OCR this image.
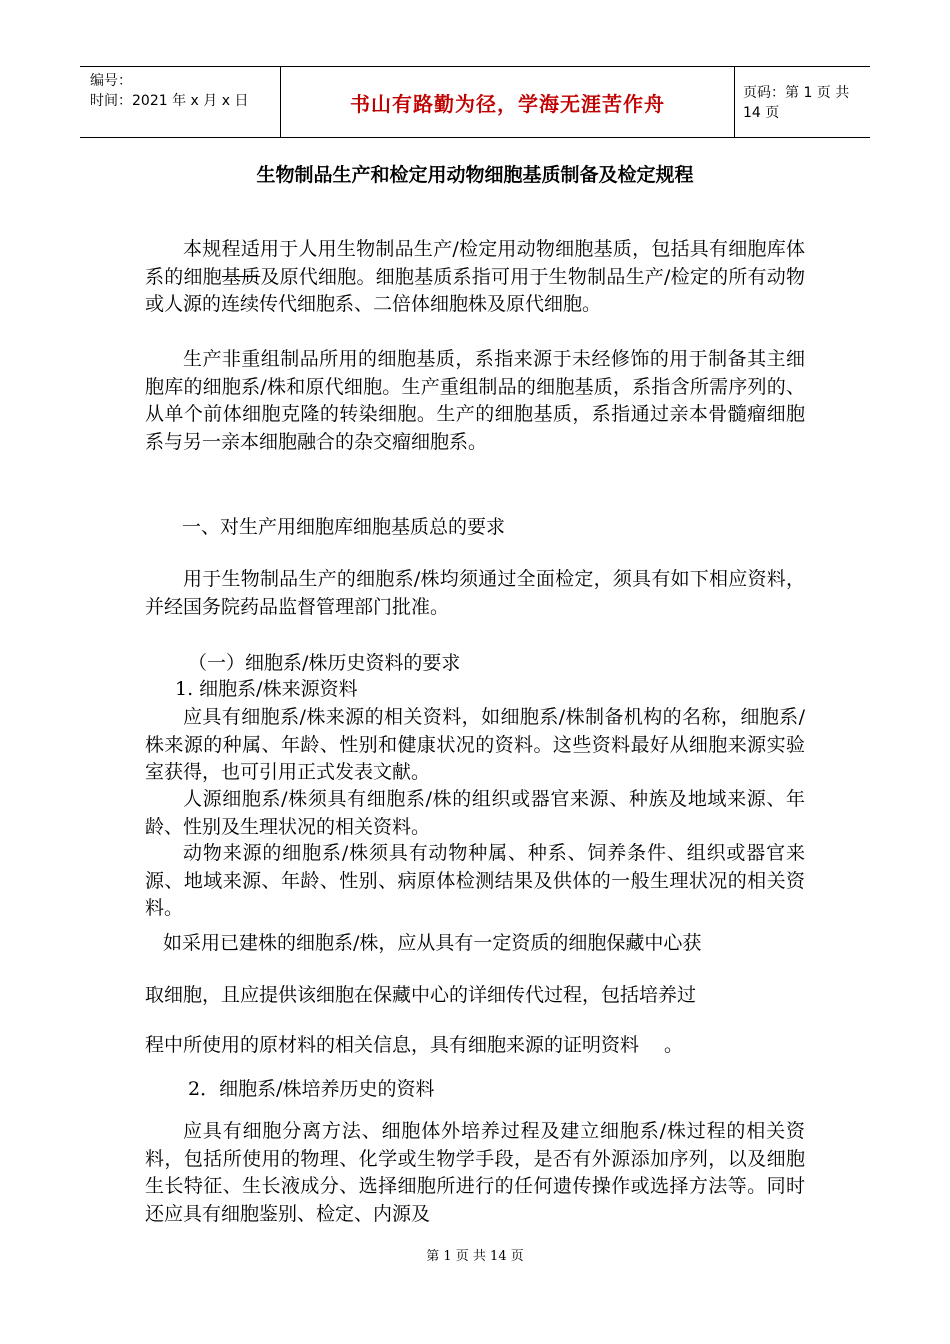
编号：
时间：2021 年 x 月 x 日	书山有路勤为径，学海无涯苦作舟	页码：第 1 页 共 14 页
生物制品生产和检定用动物细胞基质制备及检定规程
本规程适用于人用生物制品生产/检定用动物细胞基质，包括具有细胞库体系的细胞基质及原代细胞。细胞基质系指可用于生物制品生产/检定的所有动物或人源的连续传代细胞系、二倍体细胞株及原代细胞。
生产非重组制品所用的细胞基质，系指来源于未经修饰的用于制备其主细胞库的细胞系/株和原代细胞。生产重组制品的细胞基质，系指含所需序列的、从单个前体细胞克隆的转染细胞。生产的细胞基质，系指通过亲本骨髓瘤细胞系与另一亲本细胞融合的杂交瘤细胞系。
一、对生产用细胞库细胞基质总的要求
用于生物制品生产的细胞系/株均须通过全面检定，须具有如下相应资料，并经国务院药品监督管理部门批准。
（一）细胞系/株历史资料的要求
1. 细胞系/株来源资料
应具有细胞系/株来源的相关资料，如细胞系/株制备机构的名称，细胞系/株来源的种属、年龄、性别和健康状况的资料。这些资料最好从细胞来源实验室获得，也可引用正式发表文献。
人源细胞系/株须具有细胞系/株的组织或器官来源、种族及地域来源、年龄、性别及生理状况的相关资料。
动物来源的细胞系/株须具有动物种属、种系、饲养条件、组织或器官来源、地域来源、年龄、性别、病原体检测结果及供体的一般生理状况的相关资料。
如采用已建株的细胞系/株，应从具有一定资质的细胞保藏中心获
取细胞，且应提供该细胞在保藏中心的详细传代过程，包括培养过
程中所使用的原材料的相关信息，具有细胞来源的证明资料　 。
2．细胞系/株培养历史的资料
应具有细胞分离方法、细胞体外培养过程及建立细胞系/株过程的相关资料，包括所使用的物理、化学或生物学手段，是否有外源添加序列，以及细胞生长特征、生长液成分、选择细胞所进行的任何遗传操作或选择方法等。同时还应具有细胞鉴别、检定、内源及
第 1 页 共 14 页
